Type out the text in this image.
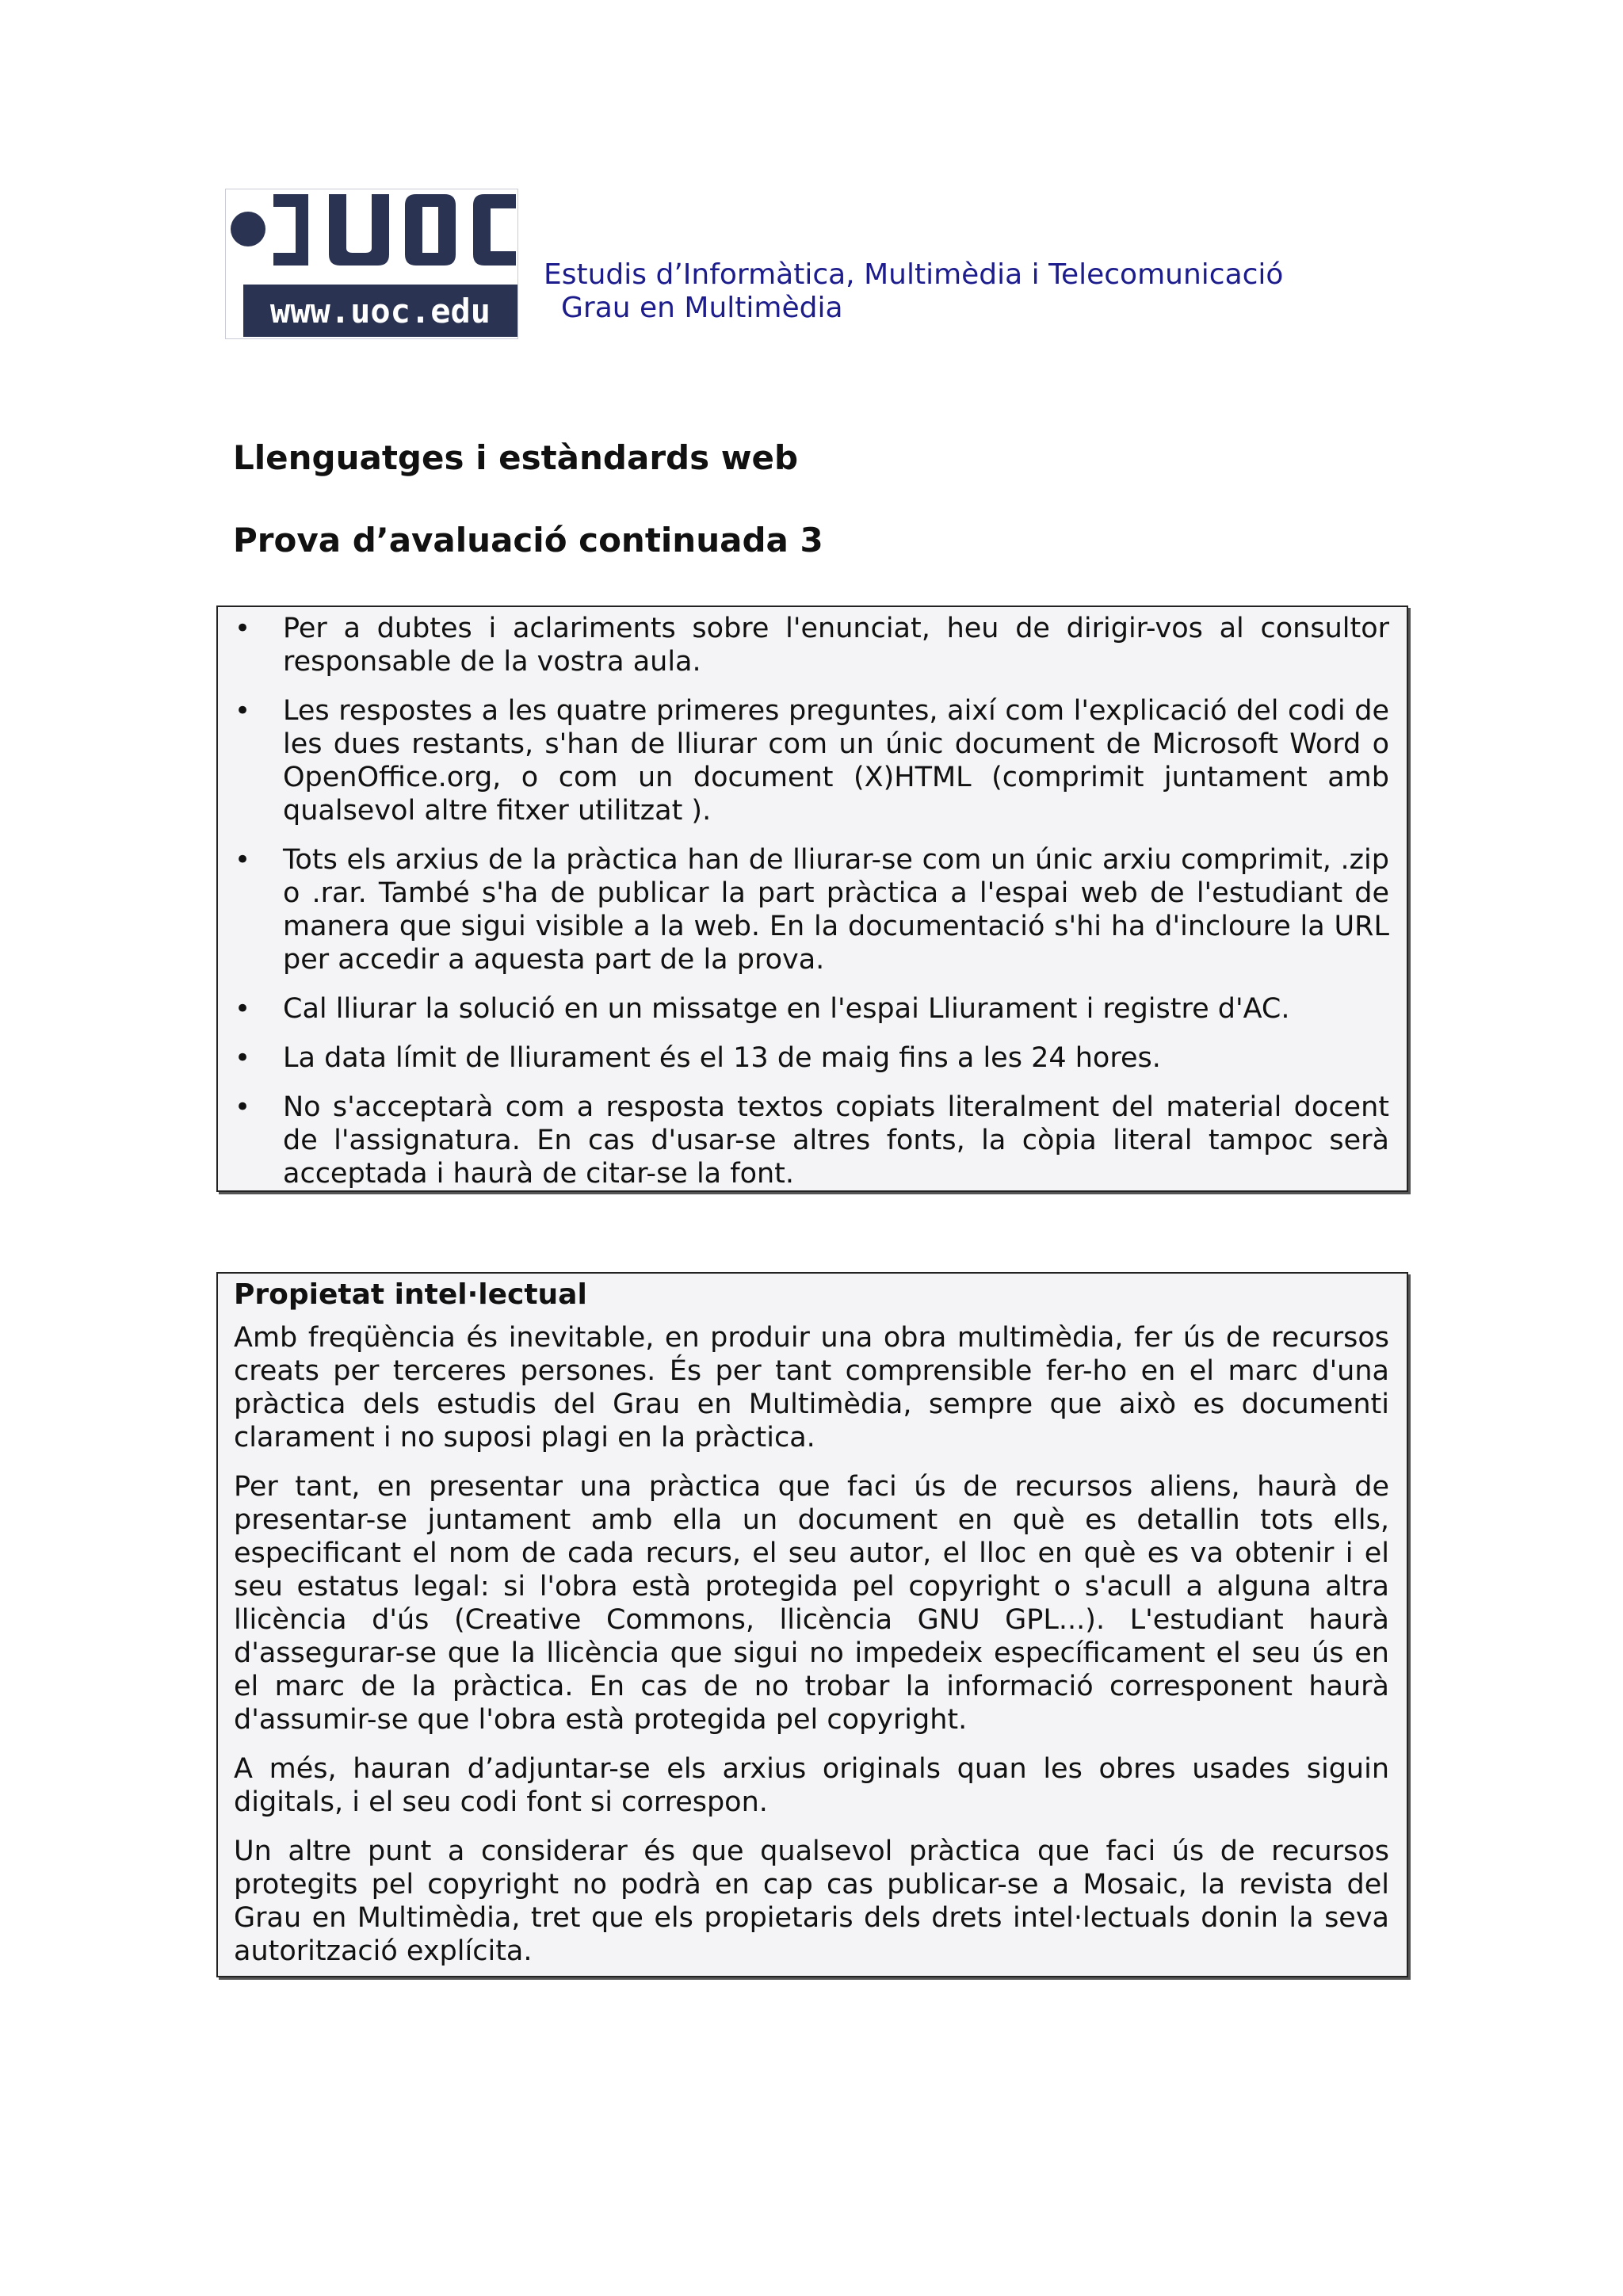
www.uoc.edu
Estudis d’Informàtica, Multimèdia i Telecomunicació
Grau en Multimèdia
Llenguatges i estàndards web
Prova d’avaluació continuada 3
• Per a dubtes i aclariments sobre l'enunciat, heu de dirigir-vos al consultor responsable de la vostra aula.
• Les respostes a les quatre primeres preguntes, així com l'explicació del codi de les dues restants, s'han de lliurar com un únic document de Microsoft Word o OpenOffice.org, o com un document (X)HTML (comprimit juntament amb qualsevol altre fitxer utilitzat ).
• Tots els arxius de la pràctica han de lliurar-se com un únic arxiu comprimit, .zip o .rar. També s'ha de publicar la part pràctica a l'espai web de l'estudiant de manera que sigui visible a la web. En la documentació s'hi ha d'incloure la URL per accedir a aquesta part de la prova.
• Cal lliurar la solució en un missatge en l'espai Lliurament i registre d'AC.
• La data límit de lliurament és el 13 de maig fins a les 24 hores.
• No s'acceptarà com a resposta textos copiats literalment del material docent de l'assignatura. En cas d'usar-se altres fonts, la còpia literal tampoc serà acceptada i haurà de citar-se la font.
Propietat intel·lectual

Amb freqüència és inevitable, en produir una obra multimèdia, fer ús de recursos creats per terceres persones. És per tant comprensible fer-ho en el marc d'una pràctica dels estudis del Grau en Multimèdia, sempre que això es documenti clarament i no suposi plagi en la pràctica.

Per tant, en presentar una pràctica que faci ús de recursos aliens, haurà de presentar-se juntament amb ella un document en què es detallin tots ells, especificant el nom de cada recurs, el seu autor, el lloc en què es va obtenir i el seu estatus legal: si l'obra està protegida pel copyright o s'acull a alguna altra llicència d'ús (Creative Commons, llicència GNU GPL...). L'estudiant haurà d'assegurar-se que la llicència que sigui no impedeix específicament el seu ús en el marc de la pràctica. En cas de no trobar la informació corresponent haurà d'assumir-se que l'obra està protegida pel copyright.

A més, hauran d’adjuntar-se els arxius originals quan les obres usades siguin digitals, i el seu codi font si correspon.

Un altre punt a considerar és que qualsevol pràctica que faci ús de recursos protegits pel copyright no podrà en cap cas publicar-se a Mosaic, la revista del Grau en Multimèdia, tret que els propietaris dels drets intel·lectuals donin la seva autorització explícita.
